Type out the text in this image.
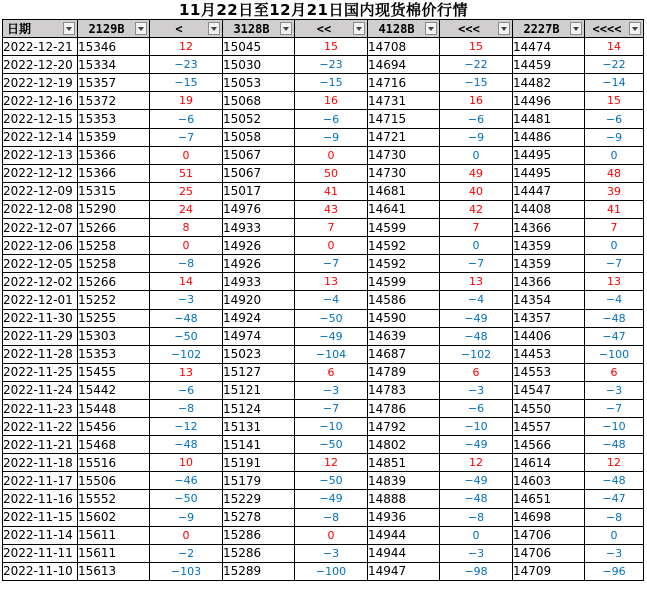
11月22日至12月21日国内现货棉价行情
日期	2129B	<	3128B	<<	4128B	<<<	2227B	<<<<

2022-12-21	15346	12	15045	15	14708	15	14474	14
2022-12-20	15334	−23	15030	−23	14694	−22	14459	−22
2022-12-19	15357	−15	15053	−15	14716	−15	14482	−14
2022-12-16	15372	19	15068	16	14731	16	14496	15
2022-12-15	15353	−6	15052	−6	14715	−6	14481	−6
2022-12-14	15359	−7	15058	−9	14721	−9	14486	−9
2022-12-13	15366	0	15067	0	14730	0	14495	0
2022-12-12	15366	51	15067	50	14730	49	14495	48
2022-12-09	15315	25	15017	41	14681	40	14447	39
2022-12-08	15290	24	14976	43	14641	42	14408	41
2022-12-07	15266	8	14933	7	14599	7	14366	7
2022-12-06	15258	0	14926	0	14592	0	14359	0
2022-12-05	15258	−8	14926	−7	14592	−7	14359	−7
2022-12-02	15266	14	14933	13	14599	13	14366	13
2022-12-01	15252	−3	14920	−4	14586	−4	14354	−4
2022-11-30	15255	−48	14924	−50	14590	−49	14357	−48
2022-11-29	15303	−50	14974	−49	14639	−48	14406	−47
2022-11-28	15353	−102	15023	−104	14687	−102	14453	−100
2022-11-25	15455	13	15127	6	14789	6	14553	6
2022-11-24	15442	−6	15121	−3	14783	−3	14547	−3
2022-11-23	15448	−8	15124	−7	14786	−6	14550	−7
2022-11-22	15456	−12	15131	−10	14792	−10	14557	−10
2022-11-21	15468	−48	15141	−50	14802	−49	14566	−48
2022-11-18	15516	10	15191	12	14851	12	14614	12
2022-11-17	15506	−46	15179	−50	14839	−49	14603	−48
2022-11-16	15552	−50	15229	−49	14888	−48	14651	−47
2022-11-15	15602	−9	15278	−8	14936	−8	14698	−8
2022-11-14	15611	0	15286	0	14944	0	14706	0
2022-11-11	15611	−2	15286	−3	14944	−3	14706	−3
2022-11-10	15613	−103	15289	−100	14947	−98	14709	−96
